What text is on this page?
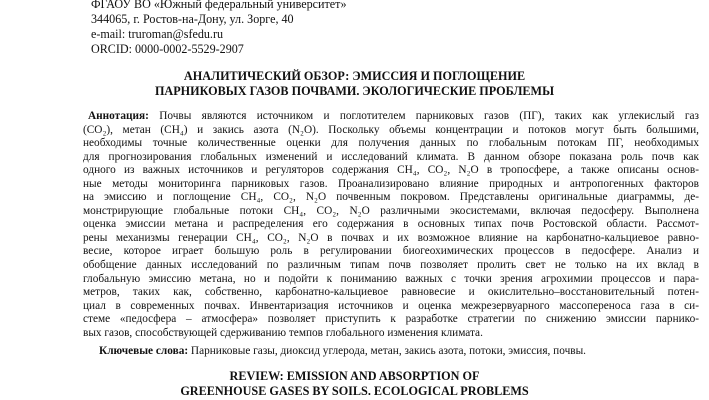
ФГАОУ ВО «Южный федеральный университет»
344065, г. Ростов-на-Дону, ул. Зорге, 40
e-mail: truroman@sfedu.ru
ORCID: 0000-0002-5529-2907
АНАЛИТИЧЕСКИЙ ОБЗОР: ЭМИССИЯ И ПОГЛОЩЕНИЕ
ПАРНИКОВЫХ ГАЗОВ ПОЧВАМИ. ЭКОЛОГИЧЕСКИЕ ПРОБЛЕМЫ
Аннотация: Почвы являются источником и поглотителем парниковых газов (ПГ), таких как углекислый газ
(CO₂), метан (CH₄) и закись азота (N₂O). Поскольку объемы концентрации и потоков могут быть большими,
необходимы точные количественные оценки для получения данных по глобальным потокам ПГ, необходимых
для прогнозирования глобальных изменений и исследований климата. В данном обзоре показана роль почв как
одного из важных источников и регуляторов содержания CH₄, CO₂, N₂O в тропосфере, а также описаны основ-
ные методы мониторинга парниковых газов. Проанализировано влияние природных и антропогенных факторов
на эмиссию и поглощение CH₄, CO₂, N₂O почвенным покровом. Представлены оригинальные диаграммы, де-
монстрирующие глобальные потоки CH₄, CO₂, N₂O различными экосистемами, включая педосферу. Выполнена
оценка эмиссии метана и распределения его содержания в основных типах почв Ростовской области. Рассмот-
рены механизмы генерации CH₄, CO₂, N₂O в почвах и их возможное влияние на карбонатно-кальциевое равно-
весие, которое играет большую роль в регулировании биогеохимических процессов в педосфере. Анализ и
обобщение данных исследований по различным типам почв позволяет пролить свет не только на их вклад в
глобальную эмиссию метана, но и подойти к пониманию важных с точки зрения агрохимии процессов и пара-
метров, таких как, собственно, карбонатно-кальциевое равновесие и окислительно–восстановительный потен-
циал в современных почвах. Инвентаризация источников и оценка межрезервуарного массопереноса газа в си-
стеме «педосфера – атмосфера» позволяет приступить к разработке стратегии по снижению эмиссии парнико-
вых газов, способствующей сдерживанию темпов глобального изменения климата.
Ключевые слова: Парниковые газы, диоксид углерода, метан, закись азота, потоки, эмиссия, почвы.
REVIEW: EMISSION AND ABSORPTION OF
GREENHOUSE GASES BY SOILS. ECOLOGICAL PROBLEMS
